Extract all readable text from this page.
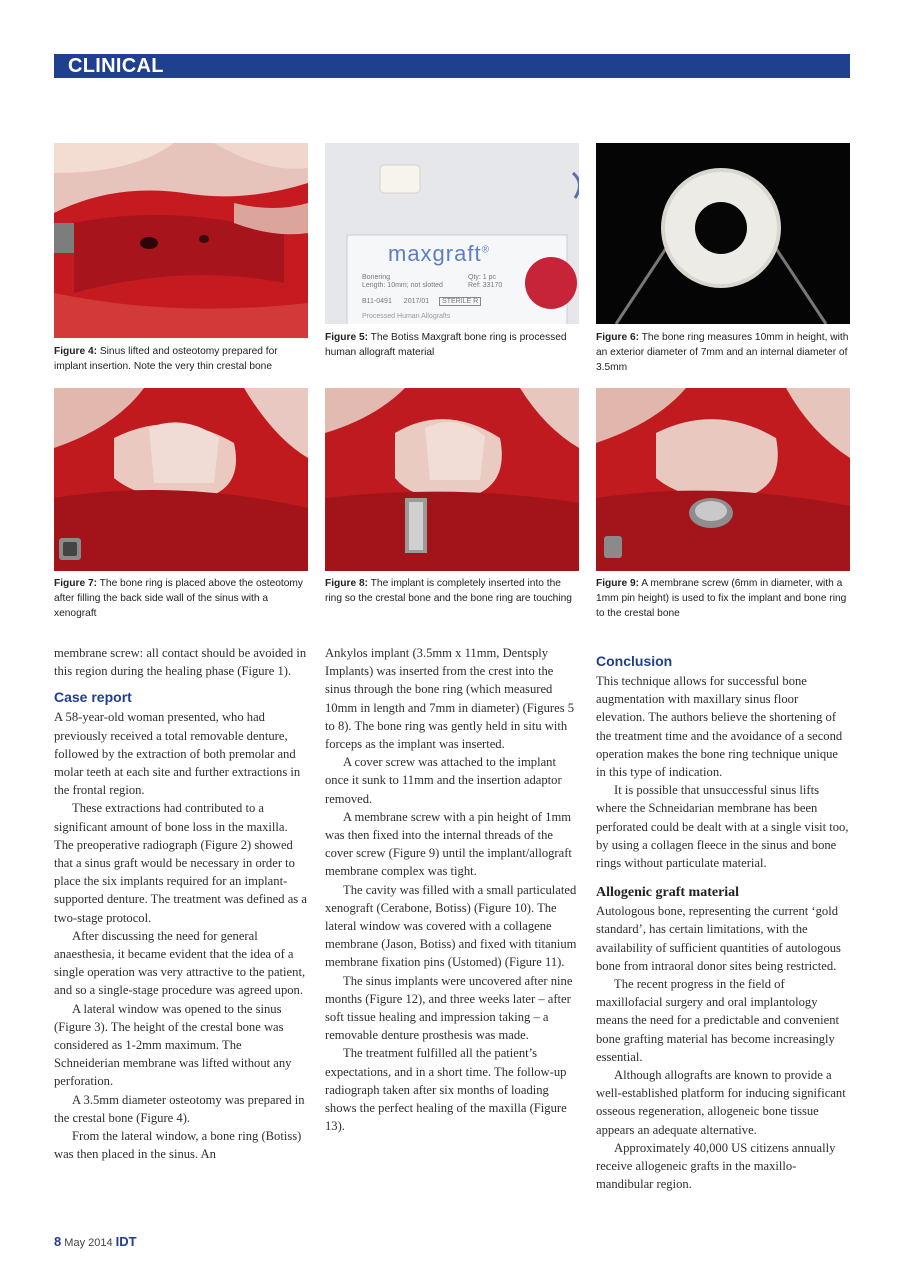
CLINICAL
Figure 4: Sinus lifted and osteotomy prepared for implant insertion. Note the very thin crestal bone
maxgraft®
Bonering
Length: 10mm; not slotted
Qty: 1 pc
Ref: 33170
B11-0491 2017/01 STERILE R
Processed Human Allografts
Figure 5: The Botiss Maxgraft bone ring is processed human allograft material
Figure 6: The bone ring measures 10mm in height, with an exterior diameter of 7mm and an internal diameter of 3.5mm
Figure 7: The bone ring is placed above the osteotomy after filling the back side wall of the sinus with a xenograft
Figure 8: The implant is completely inserted into the ring so the crestal bone and the bone ring are touching
Figure 9: A membrane screw (6mm in diameter, with a 1mm pin height) is used to fix the implant and bone ring to the crestal bone

membrane screw: all contact should be avoided in this region during the healing phase (Figure 1).

Case report

A 58-year-old woman presented, who had previously received a total removable denture, followed by the extraction of both premolar and molar teeth at each site and further extractions in the frontal region.

These extractions had contributed to a significant amount of bone loss in the maxilla. The preoperative radiograph (Figure 2) showed that a sinus graft would be necessary in order to place the six implants required for an implant-supported denture. The treatment was defined as a two-stage protocol.

After discussing the need for general anaesthesia, it became evident that the idea of a single operation was very attractive to the patient, and so a single-stage procedure was agreed upon.

A lateral window was opened to the sinus (Figure 3). The height of the crestal bone was considered as 1-2mm maximum. The Schneiderian membrane was lifted without any perforation.

A 3.5mm diameter osteotomy was prepared in the crestal bone (Figure 4).

From the lateral window, a bone ring (Botiss) was then placed in the sinus. An

Ankylos implant (3.5mm x 11mm, Dentsply Implants) was inserted from the crest into the sinus through the bone ring (which measured 10mm in length and 7mm in diameter) (Figures 5 to 8). The bone ring was gently held in situ with forceps as the implant was inserted.

A cover screw was attached to the implant once it sunk to 11mm and the insertion adaptor removed.

A membrane screw with a pin height of 1mm was then fixed into the internal threads of the cover screw (Figure 9) until the implant/allograft membrane complex was tight.

The cavity was filled with a small particulated xenograft (Cerabone, Botiss) (Figure 10). The lateral window was covered with a collagene membrane (Jason, Botiss) and fixed with titanium membrane fixation pins (Ustomed) (Figure 11).

The sinus implants were uncovered after nine months (Figure 12), and three weeks later – after soft tissue healing and impression taking – a removable denture prosthesis was made.

The treatment fulfilled all the patient’s expectations, and in a short time. The follow-up radiograph taken after six months of loading shows the perfect healing of the maxilla (Figure 13).

Conclusion

This technique allows for successful bone augmentation with maxillary sinus floor elevation. The authors believe the shortening of the treatment time and the avoidance of a second operation makes the bone ring technique unique in this type of indication.

It is possible that unsuccessful sinus lifts where the Schneidarian membrane has been perforated could be dealt with at a single visit too, by using a collagen fleece in the sinus and bone rings without particulate material.

Allogenic graft material

Autologous bone, representing the current ‘gold standard’, has certain limitations, with the availability of sufficient quantities of autologous bone from intraoral donor sites being restricted.

The recent progress in the field of maxillofacial surgery and oral implantology means the need for a predictable and convenient bone grafting material has become increasingly essential.

Although allografts are known to provide a well-established platform for inducing significant osseous regeneration, allogeneic bone tissue appears an adequate alternative.

Approximately 40,000 US citizens annually receive allogeneic grafts in the maxillo-mandibular region.

8 May 2014 IDT
